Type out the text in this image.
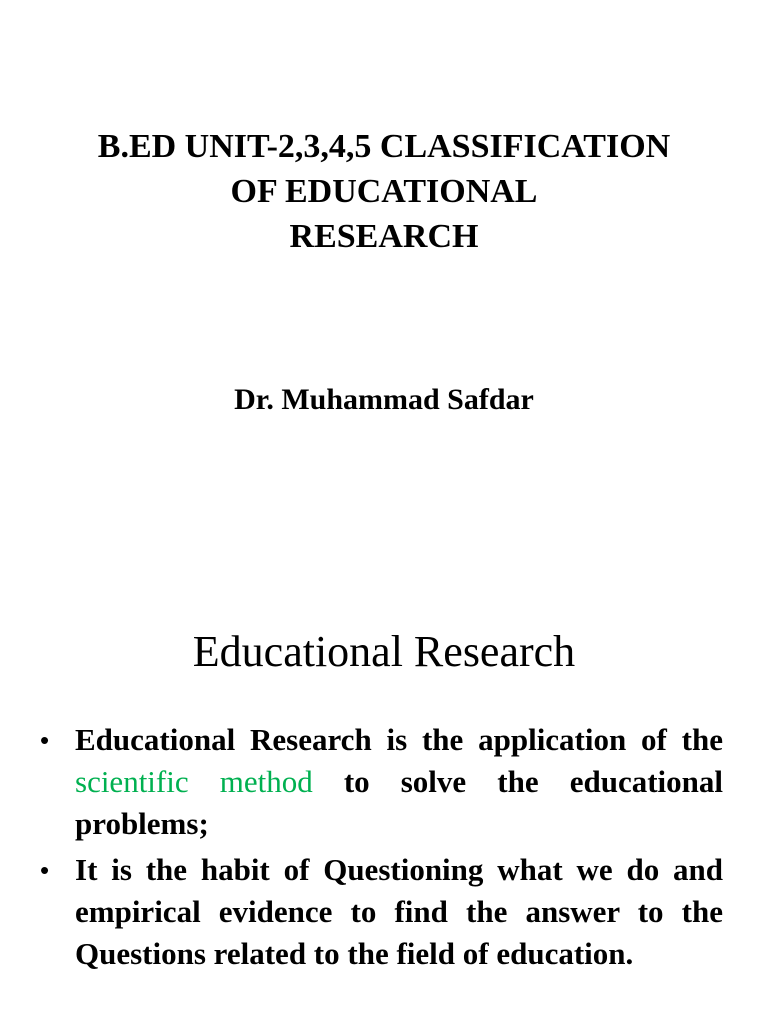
B.ED UNIT-2,3,4,5 CLASSIFICATION
OF EDUCATIONAL
RESEARCH
Dr. Muhammad Safdar
Educational Research
• Educational Research is the application of the scientific method to solve the educational problems;
• It is the habit of Questioning what we do and empirical evidence to find the answer to the Questions related to the field of education.
